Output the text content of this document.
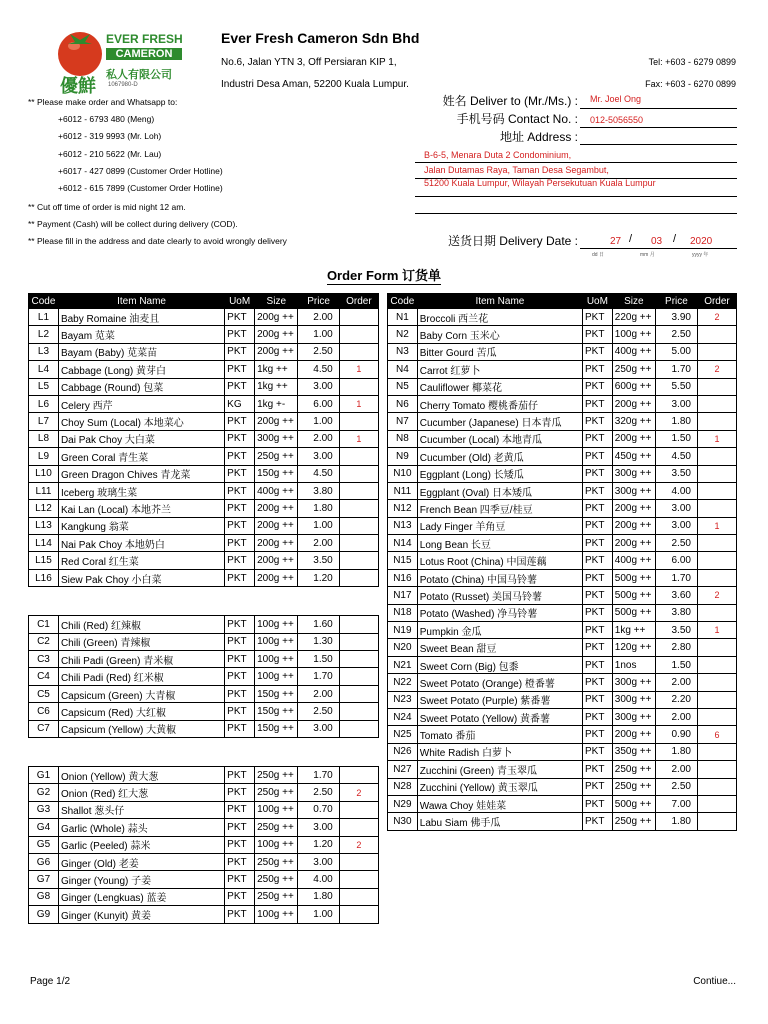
EVER FRESH
CAMERON
優鮮
私人有限公司
1067980-D
Ever Fresh Cameron Sdn Bhd
No.6, Jalan YTN 3, Off Persiaran KIP 1,
Industri Desa Aman, 52200 Kuala Lumpur.
Tel: +603 - 6279 0899
Fax: +603 - 6270 0899
** Please make order and Whatsapp to:
+6012 - 6793 480 (Meng)
+6012 - 319 9993 (Mr. Loh)
+6012 - 210 5622 (Mr. Lau)
+6017 - 427 0899 (Customer Order Hotline)
+6012 - 615 7899 (Customer Order Hotline)
** Cut off time of order is mid night 12 am.
** Payment (Cash) will be collect during delivery (COD).
** Please fill in the address and date clearly to avoid wrongly delivery
姓名 Deliver to (Mr./Ms.) : Mr. Joel Ong
手机号码 Contact No. : 012-5056550
地址 Address :
B-6-5, Menara Duta 2 Condominium,
Jalan Dutamas Raya, Taman Desa Segambut,
51200 Kuala Lumpur, Wilayah Persekutuan Kuala Lumpur
送货日期 Delivery Date :	27 / 03 / 2020
dd 日	mm 月	yyyy 年
Order Form 订货单
Code	Item Name	UoM	Size	Price	Order
L1	Baby Romaine 油麦且	PKT	200g ++	2.00	
L2	Bayam 苋菜	PKT	200g ++	1.00	
L3	Bayam (Baby) 苋菜苗	PKT	200g ++	2.50	
L4	Cabbage (Long) 黄芽白	PKT	1kg ++	4.50	1
L5	Cabbage (Round) 包菜	PKT	1kg ++	3.00	
L6	Celery 西芹	KG	1kg +-	6.00	1
L7	Choy Sum (Local) 本地菜心	PKT	200g ++	1.00	
L8	Dai Pak Choy 大白菜	PKT	300g ++	2.00	1
L9	Green Coral 青生菜	PKT	250g ++	3.00	
L10	Green Dragon Chives 青龙菜	PKT	150g ++	4.50	
L11	Iceberg 玻璃生菜	PKT	400g ++	3.80	
L12	Kai Lan (Local) 本地芥兰	PKT	200g ++	1.80	
L13	Kangkung 翁菜	PKT	200g ++	1.00	
L14	Nai Pak Choy 本地奶白	PKT	200g ++	2.00	
L15	Red Coral 红生菜	PKT	200g ++	3.50	
L16	Siew Pak Choy 小白菜	PKT	200g ++	1.20	

C1	Chili (Red) 红辣椒	PKT	100g ++	1.60	
C2	Chili (Green) 青辣椒	PKT	100g ++	1.30	
C3	Chili Padi (Green) 青米椒	PKT	100g ++	1.50	
C4	Chili Padi (Red) 红米椒	PKT	100g ++	1.70	
C5	Capsicum (Green) 大青椒	PKT	150g ++	2.00	
C6	Capsicum (Red) 大红椒	PKT	150g ++	2.50	
C7	Capsicum (Yellow) 大黄椒	PKT	150g ++	3.00	

G1	Onion (Yellow) 黄大葱	PKT	250g ++	1.70	
G2	Onion (Red) 红大葱	PKT	250g ++	2.50	2
G3	Shallot 葱头仔	PKT	100g ++	0.70	
G4	Garlic (Whole) 蒜头	PKT	250g ++	3.00	
G5	Garlic (Peeled) 蒜米	PKT	100g ++	1.20	2
G6	Ginger (Old) 老姜	PKT	250g ++	3.00	
G7	Ginger (Young) 子姜	PKT	250g ++	4.00	
G8	Ginger (Lengkuas) 蓝姜	PKT	250g ++	1.80	
G9	Ginger (Kunyit) 黄姜	PKT	100g ++	1.00	
Code	Item Name	UoM	Size	Price	Order
N1	Broccoli 西兰花	PKT	220g ++	3.90	2
N2	Baby Corn 玉米心	PKT	100g ++	2.50	
N3	Bitter Gourd 苦瓜	PKT	400g ++	5.00	
N4	Carrot 红萝卜	PKT	250g ++	1.70	2
N5	Cauliflower 椰菜花	PKT	600g ++	5.50	
N6	Cherry Tomato 樱桃番茄仔	PKT	200g ++	3.00	
N7	Cucumber (Japanese) 日本青瓜	PKT	320g ++	1.80	
N8	Cucumber (Local) 本地青瓜	PKT	200g ++	1.50	1
N9	Cucumber (Old) 老黄瓜	PKT	450g ++	4.50	
N10	Eggplant (Long) 长矮瓜	PKT	300g ++	3.50	
N11	Eggplant (Oval) 日本矮瓜	PKT	300g ++	4.00	
N12	French Bean 四季豆/桂豆	PKT	200g ++	3.00	
N13	Lady Finger 羊角豆	PKT	200g ++	3.00	1
N14	Long Bean 长豆	PKT	200g ++	2.50	
N15	Lotus Root (China) 中国莲藕	PKT	400g ++	6.00	
N16	Potato (China) 中国马铃薯	PKT	500g ++	1.70	
N17	Potato (Russet) 美国马铃薯	PKT	500g ++	3.60	2
N18	Potato (Washed) 净马铃薯	PKT	500g ++	3.80	
N19	Pumpkin 金瓜	PKT	1kg ++	3.50	1
N20	Sweet Bean 甜豆	PKT	120g ++	2.80	
N21	Sweet Corn (Big) 包黍	PKT	1nos	1.50	
N22	Sweet Potato (Orange) 橙番薯	PKT	300g ++	2.00	
N23	Sweet Potato (Purple) 紫番薯	PKT	300g ++	2.20	
N24	Sweet Potato (Yellow) 黄番薯	PKT	300g ++	2.00	
N25	Tomato 番茄	PKT	200g ++	0.90	6
N26	White Radish 白萝卜	PKT	350g ++	1.80	
N27	Zucchini (Green) 青玉翠瓜	PKT	250g ++	2.00	
N28	Zucchini (Yellow) 黄玉翠瓜	PKT	250g ++	2.50	
N29	Wawa Choy 娃娃菜	PKT	500g ++	7.00	
N30	Labu Siam 佛手瓜	PKT	250g ++	1.80	
Page 1/2	Contiue...
